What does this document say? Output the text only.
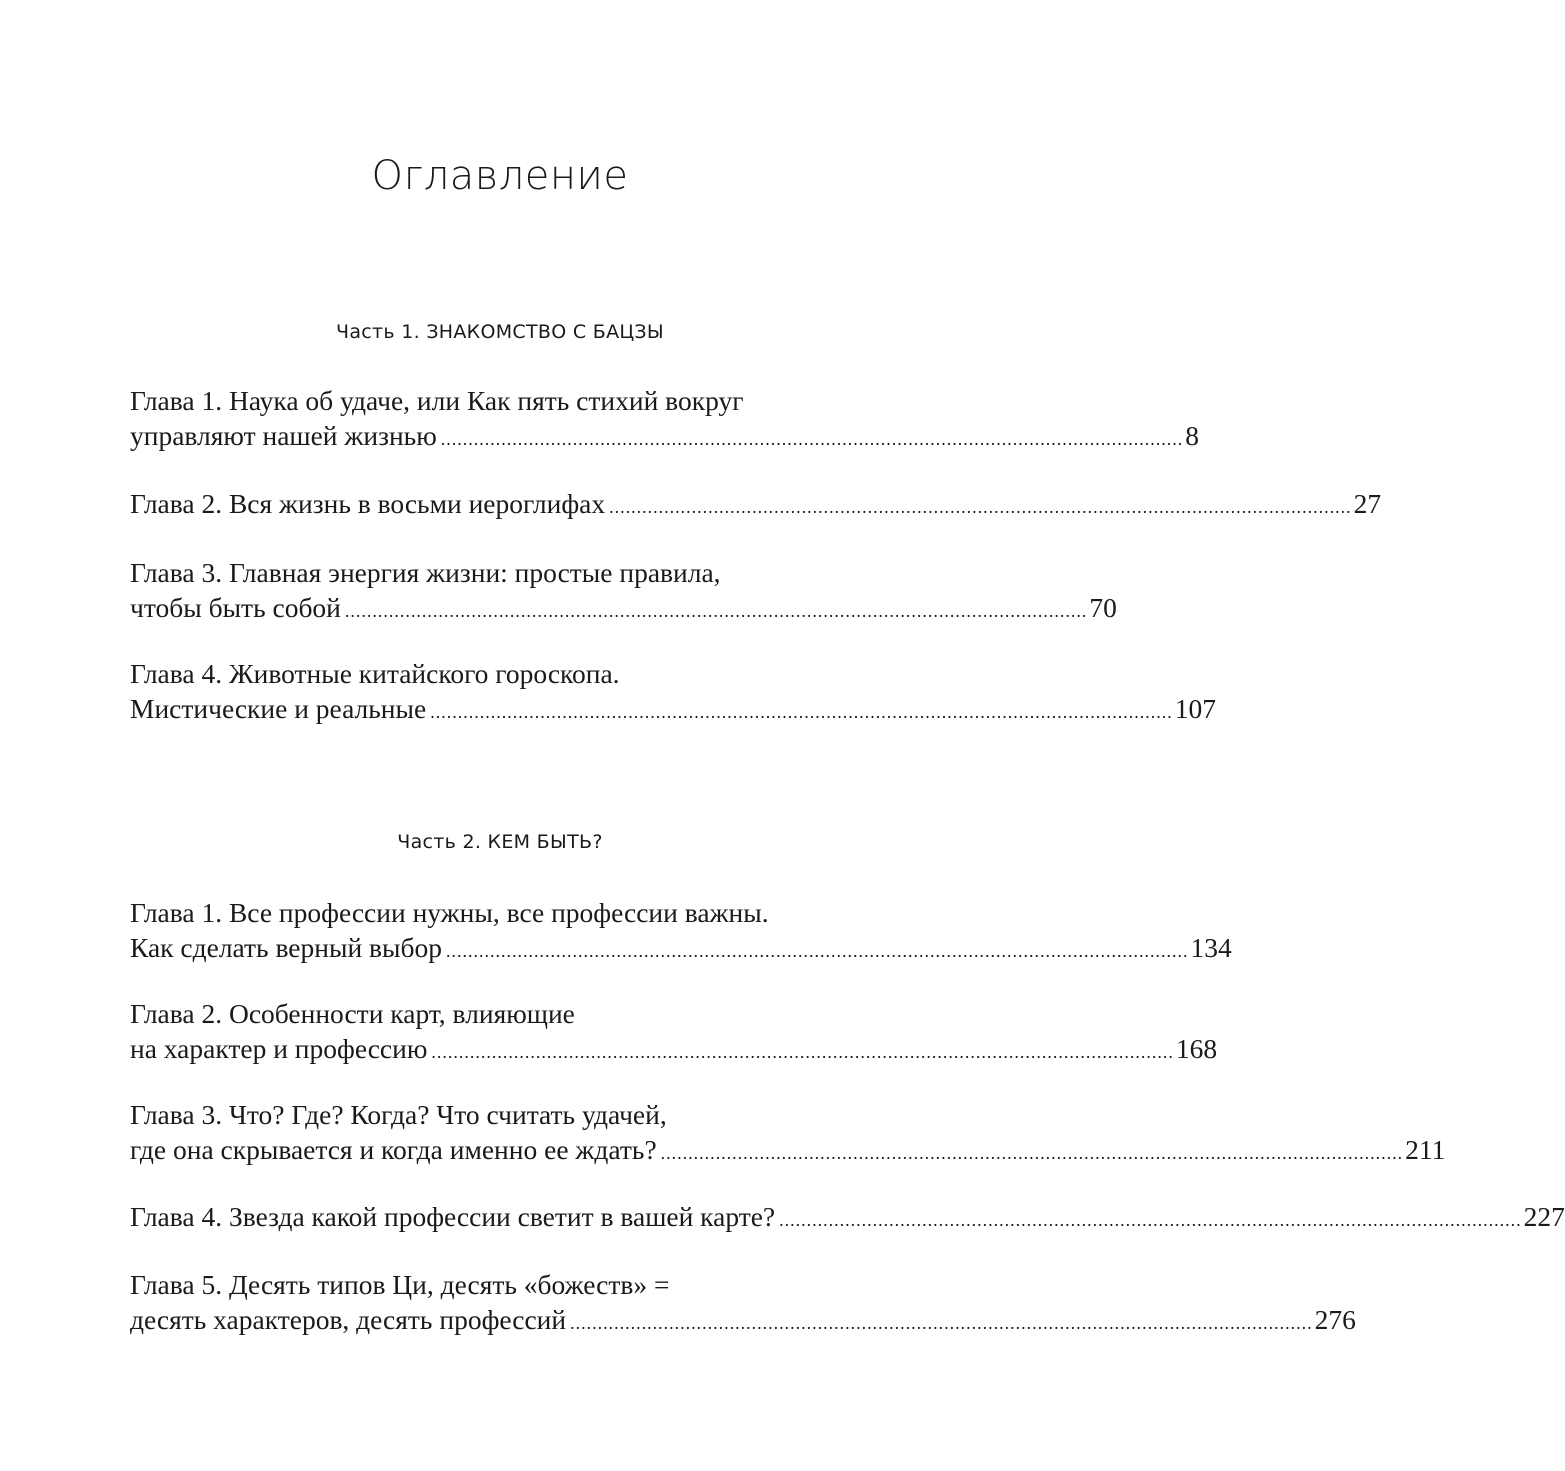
Оглавление
Часть 1. ЗНАКОМСТВО С БАЦЗЫ
Глава 1. Наука об удаче, или Как пять стихий вокруг
управляют нашей жизнью ....................................................................................................................................... 8
Глава 2. Вся жизнь в восьми иероглифах ....................................................................................................................................... 27
Глава 3. Главная энергия жизни: простые правила,
чтобы быть собой ....................................................................................................................................... 70
Глава 4. Животные китайского гороскопа.
Мистические и реальные ....................................................................................................................................... 107
Часть 2. КЕМ БЫТЬ?
Глава 1. Все профессии нужны, все профессии важны.
Как сделать верный выбор ....................................................................................................................................... 134
Глава 2. Особенности карт, влияющие
на характер и профессию ....................................................................................................................................... 168
Глава 3. Что? Где? Когда? Что считать удачей,
где она скрывается и когда именно ее ждать? ....................................................................................................................................... 211
Глава 4. Звезда какой профессии светит в вашей карте? ....................................................................................................................................... 227
Глава 5. Десять типов Ци, десять «божеств» =
десять характеров, десять профессий ....................................................................................................................................... 276
